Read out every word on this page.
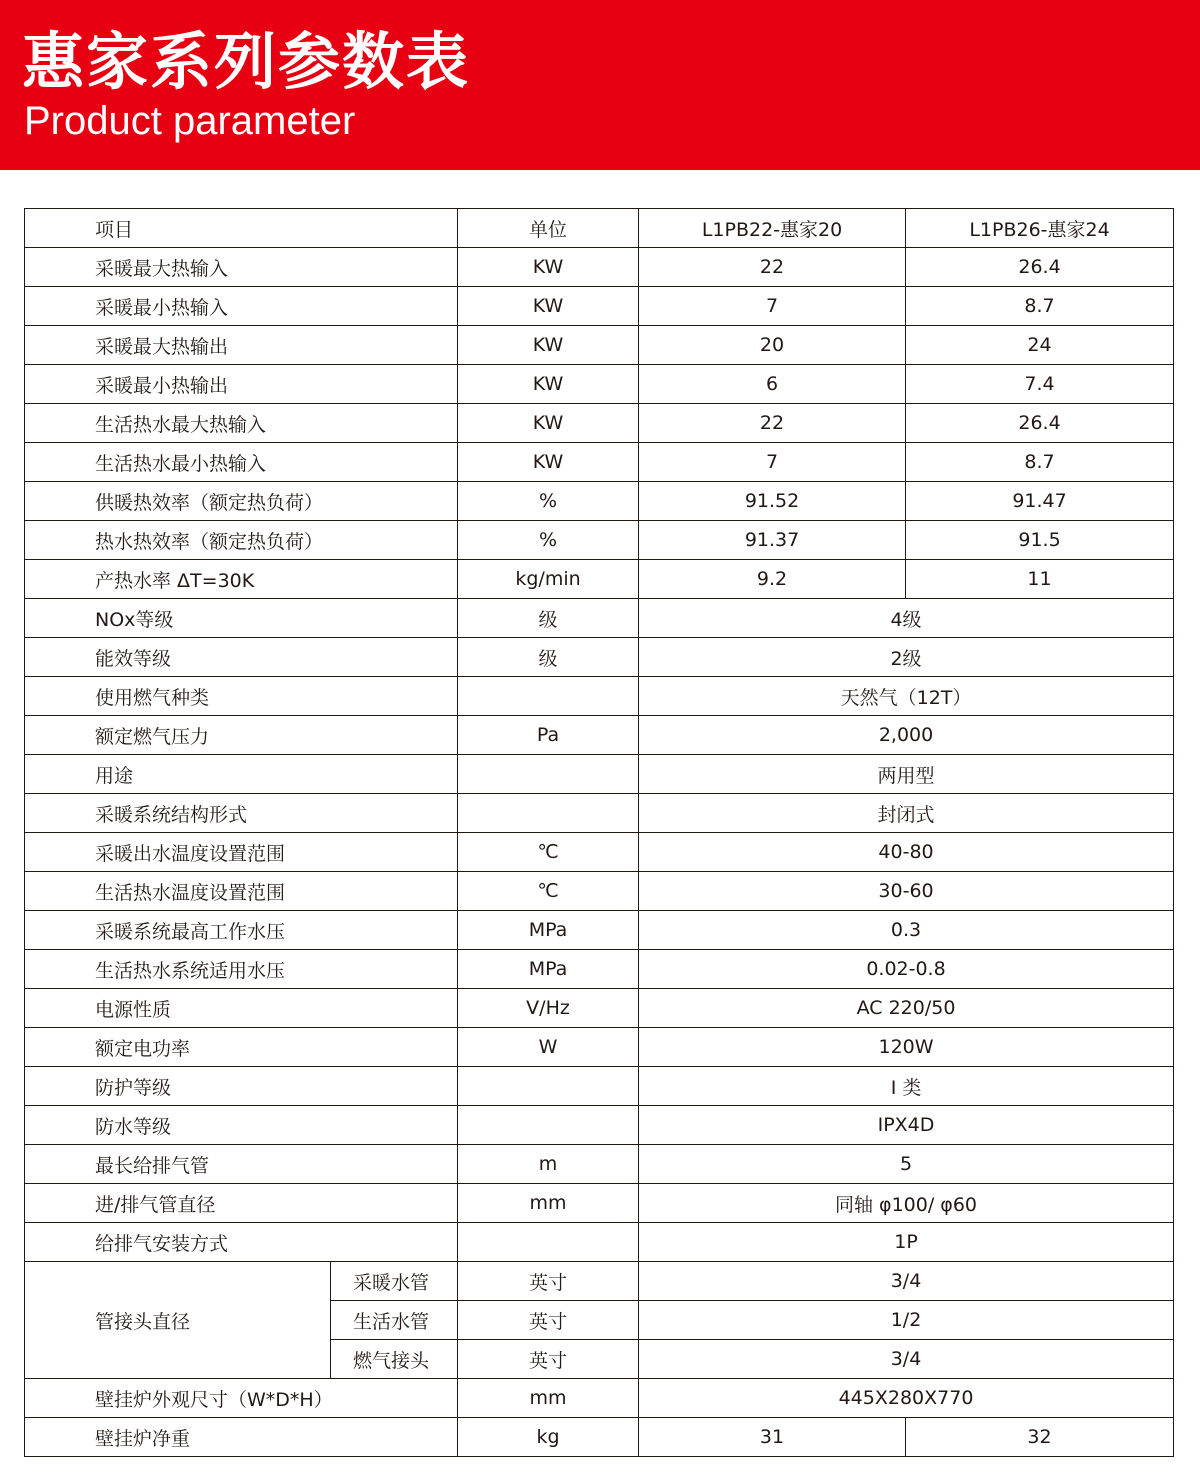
惠家系列参数表
Product parameter
项目		单位	L1PB22-惠家20	L1PB26-惠家24
采暖最大热输入		KW	22	26.4
采暖最小热输入		KW	7	8.7
采暖最大热输出		KW	20	24
采暖最小热输出		KW	6	7.4
生活热水最大热输入		KW	22	26.4
生活热水最小热输入		KW	7	8.7
供暖热效率（额定热负荷）		%	91.52	91.47
热水热效率（额定热负荷）		%	91.37	91.5
产热水率 ΔT=30K		kg/min	9.2	11
NOx等级		级	4级	
能效等级		级	2级	
使用燃气种类			天然气（12T）	
额定燃气压力		Pa	2,000	
用途			两用型	
采暖系统结构形式			封闭式	
采暖出水温度设置范围		℃	40-80	
生活热水温度设置范围		℃	30-60	
采暖系统最高工作水压		MPa	0.3	
生活热水系统适用水压		MPa	0.02-0.8	
电源性质		V/Hz	AC 220/50	
额定电功率		W	120W	
防护等级			I 类	
防水等级			IPX4D	
最长给排气管		m	5	
进/排气管直径		mm	同轴 φ100/ φ60	
给排气安装方式			1P	
管接头直径	采暖水管	英寸	3/4	
	生活水管	英寸	1/2	
	燃气接头	英寸	3/4	
壁挂炉外观尺寸（W*D*H）		mm	445X280X770	
壁挂炉净重		kg	31	32
